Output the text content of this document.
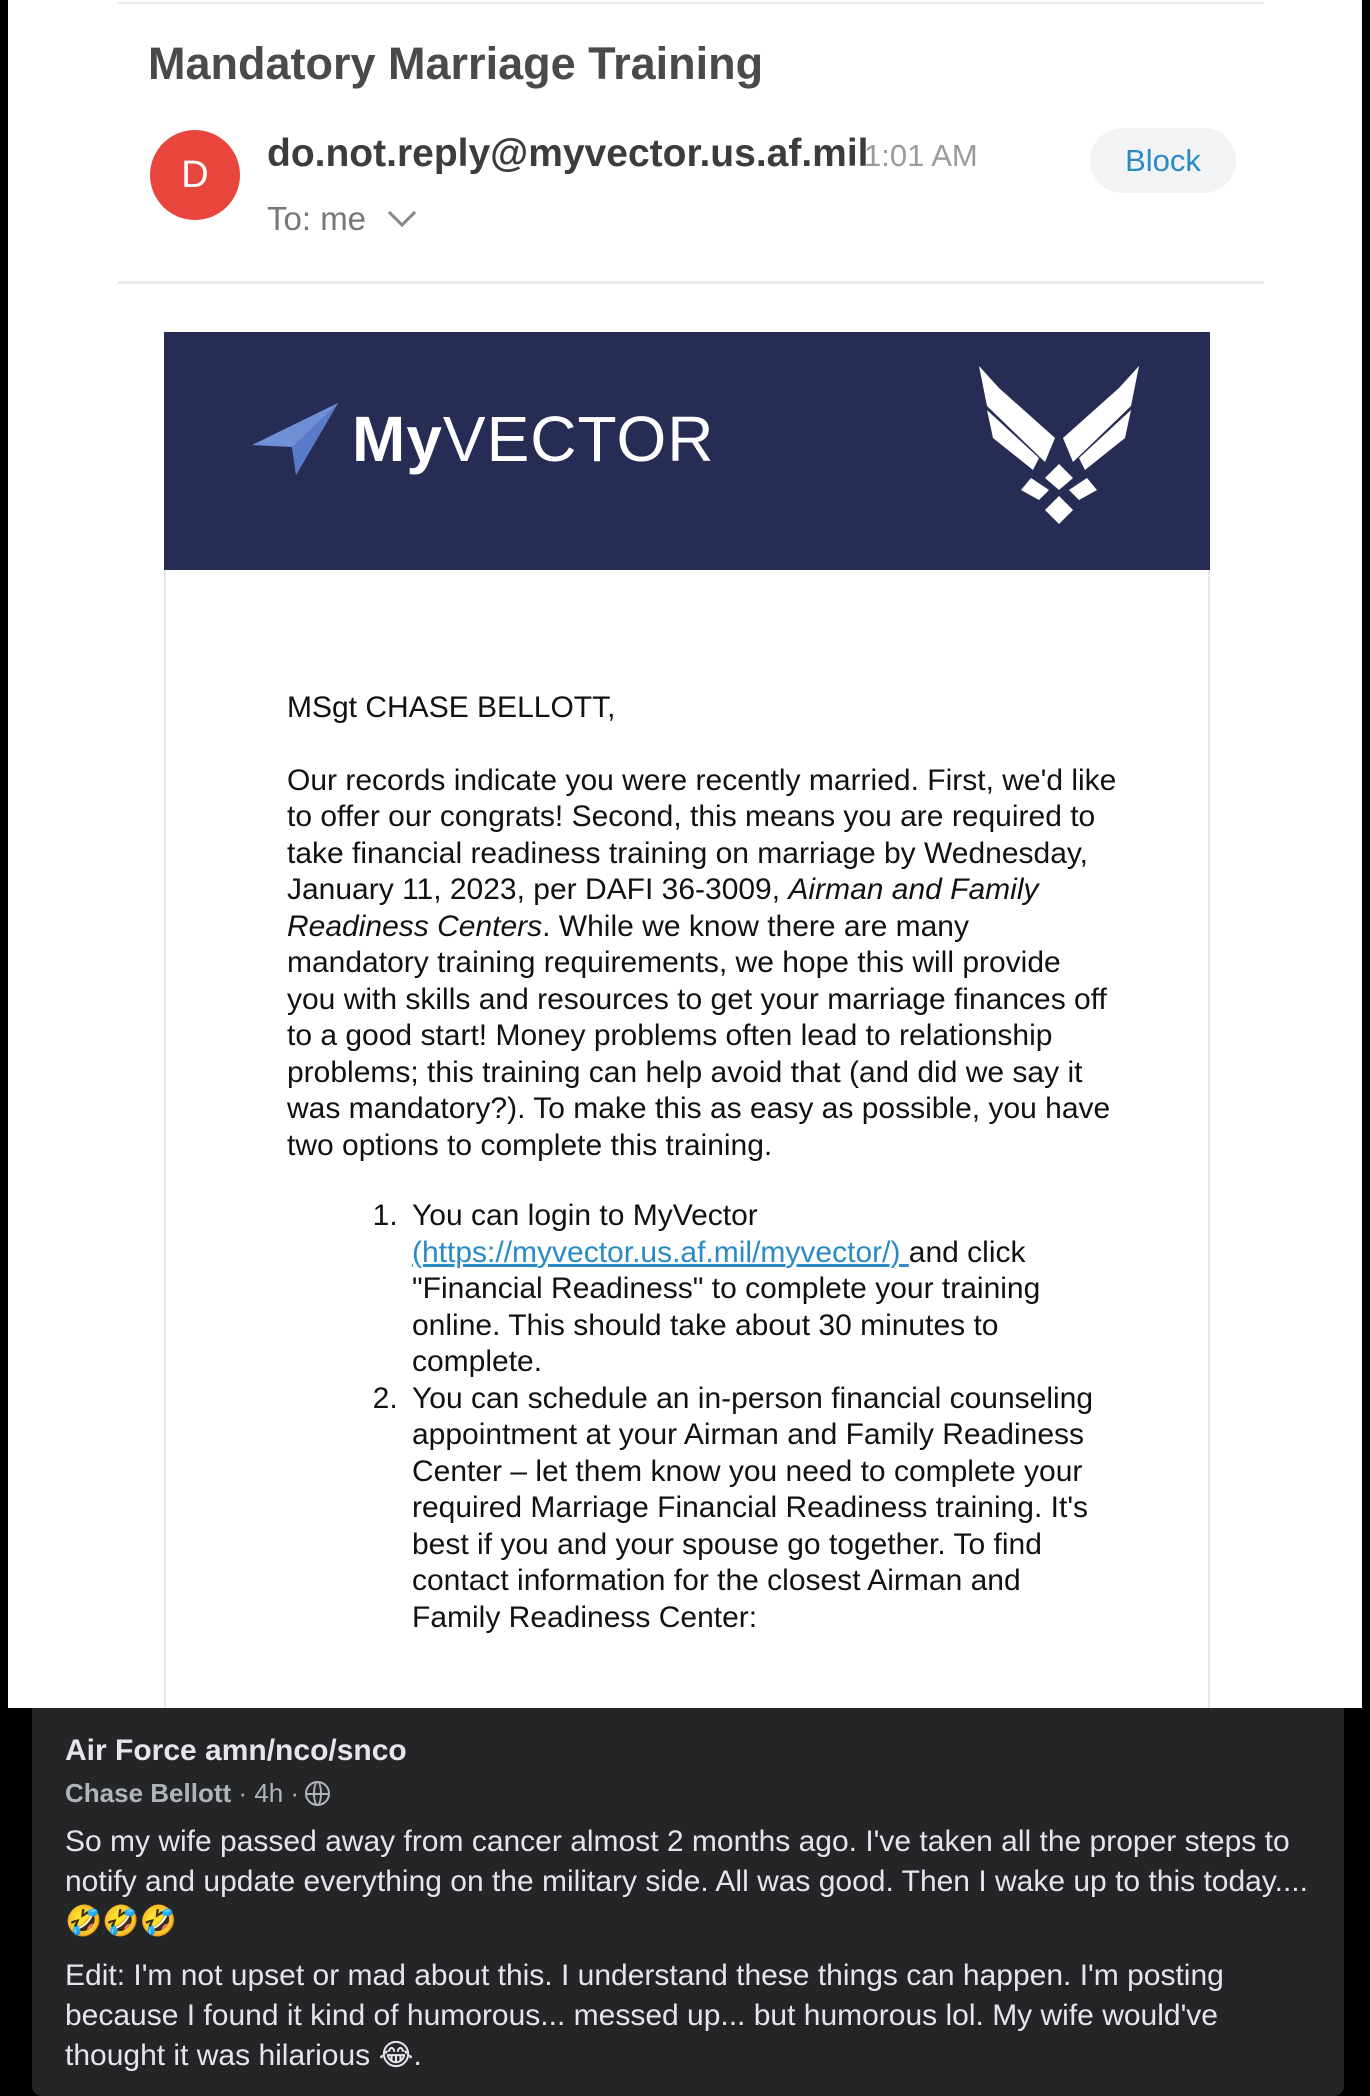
Mandatory Marriage Training
D	do.not.reply@myvector.us.af.mil
1:01 AM	Block
To: me
MyVECTOR

MSgt CHASE BELLOTT,

Our records indicate you were recently married. First, we'd like to offer our congrats! Second, this means you are required to take financial readiness training on marriage by Wednesday, January 11, 2023, per DAFI 36-3009, Airman and Family Readiness Centers. While we know there are many mandatory training requirements, we hope this will provide you with skills and resources to get your marriage finances off to a good start! Money problems often lead to relationship problems; this training can help avoid that (and did we say it was mandatory?). To make this as easy as possible, you have two options to complete this training.

1. You can login to MyVector (https://myvector.us.af.mil/myvector/) and click "Financial Readiness" to complete your training online. This should take about 30 minutes to complete.
2. You can schedule an in-person financial counseling appointment at your Airman and Family Readiness Center – let them know you need to complete your required Marriage Financial Readiness training. It's best if you and your spouse go together. To find contact information for the closest Airman and Family Readiness Center:
Air Force amn/nco/snco
Chase Bellott · 4h ·

So my wife passed away from cancer almost 2 months ago. I've taken all the proper steps to notify and update everything on the military side. All was good. Then I wake up to this today.... 🤣🤣🤣

Edit: I'm not upset or mad about this. I understand these things can happen. I'm posting because I found it kind of humorous... messed up... but humorous lol. My wife would've thought it was hilarious 😂.
